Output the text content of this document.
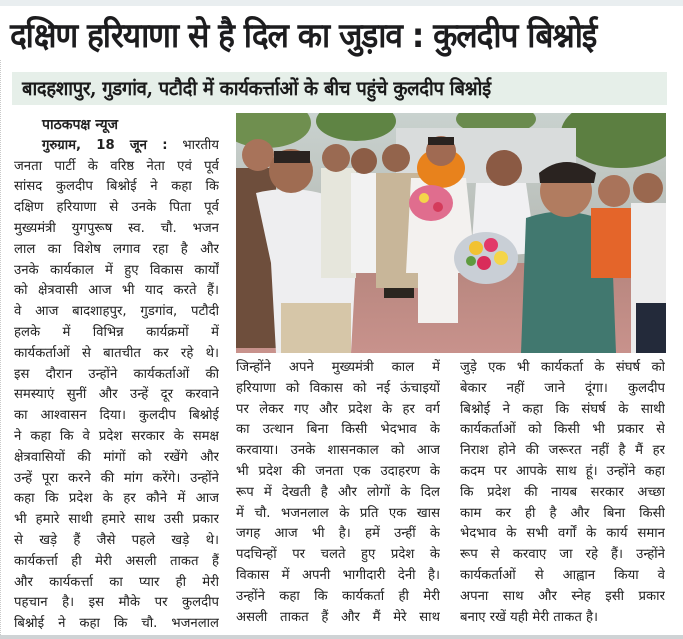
दक्षिण हरियाणा से है दिल का जुड़ाव : कुलदीप बिश्नोई
बादहशापुर, गुडगांव, पटौदी में कार्यकर्त्ताओं के बीच पहुंचे कुलदीप बिश्नोई

पाठकपक्ष न्यूज

गुरुग्राम, 18 जून : भारतीय

जनता पार्टी के वरिष्ठ नेता एवं पूर्व

सांसद कुलदीप बिश्नोई ने कहा कि

दक्षिण हरियाणा से उनके पिता पूर्व

मुख्यमंत्री युगपुरूष स्व. चौ. भजन

लाल का विशेष लगाव रहा है और

उनके कार्यकाल में हुए विकास कार्यों

को क्षेत्रवासी आज भी याद करते हैं।

वे आज बादशाहपुर, गुडगांव, पटौदी

हलके में विभिन्न कार्यक्रमों में

कार्यकर्ताओं से बातचीत कर रहे थे।

इस दौरान उन्होंने कार्यकर्ताओं की

समस्याएं सुनीं और उन्हें दूर करवाने

का आश्वासन दिया। कुलदीप बिश्नोई

ने कहा कि वे प्रदेश सरकार के समक्ष

क्षेत्रवासियों की मांगों को रखेंगे और

उन्हें पूरा करने की मांग करेंगे। उन्होंने

कहा कि प्रदेश के हर कौने में आज

भी हमारे साथी हमारे साथ उसी प्रकार

से खड़े हैं जैसे पहले खड़े थे।

कार्यकर्त्ता ही मेरी असली ताकत हैं

और कार्यकर्त्ता का प्यार ही मेरी

पहचान है। इस मौके पर कुलदीप

बिश्नोई ने कहा कि चौ. भजनलाल

जिन्होंने अपने मुख्यमंत्री काल में

हरियाणा को विकास को नई ऊंचाइयों

पर लेकर गए और प्रदेश के हर वर्ग

का उत्थान बिना किसी भेदभाव के

करवाया। उनके शासनकाल को आज

भी प्रदेश की जनता एक उदाहरण के

रूप में देखती है और लोगों के दिल

में चौ. भजनलाल के प्रति एक खास

जगह आज भी है। हमें उन्हीं के

पदचिन्हों पर चलते हुए प्रदेश के

विकास में अपनी भागीदारी देनी है।

उन्होंने कहा कि कार्यकर्ता ही मेरी

असली ताकत हैं और मैं मेरे साथ

जुड़े एक भी कार्यकर्ता के संघर्ष को

बेकार नहीं जाने दूंगा। कुलदीप

बिश्नोई ने कहा कि संघर्ष के साथी

कार्यकर्ताओं को किसी भी प्रकार से

निराश होने की जरूरत नहीं है मैं हर

कदम पर आपके साथ हूं। उन्होंने कहा

कि प्रदेश की नायब सरकार अच्छा

काम कर ही है और बिना किसी

भेदभाव के सभी वर्गों के कार्य समान

रूप से करवाए जा रहे हैं। उन्होंने

कार्यकर्ताओं से आह्वान किया वे

अपना साथ और स्नेह इसी प्रकार

बनाए रखें यही मेरी ताकत है।
